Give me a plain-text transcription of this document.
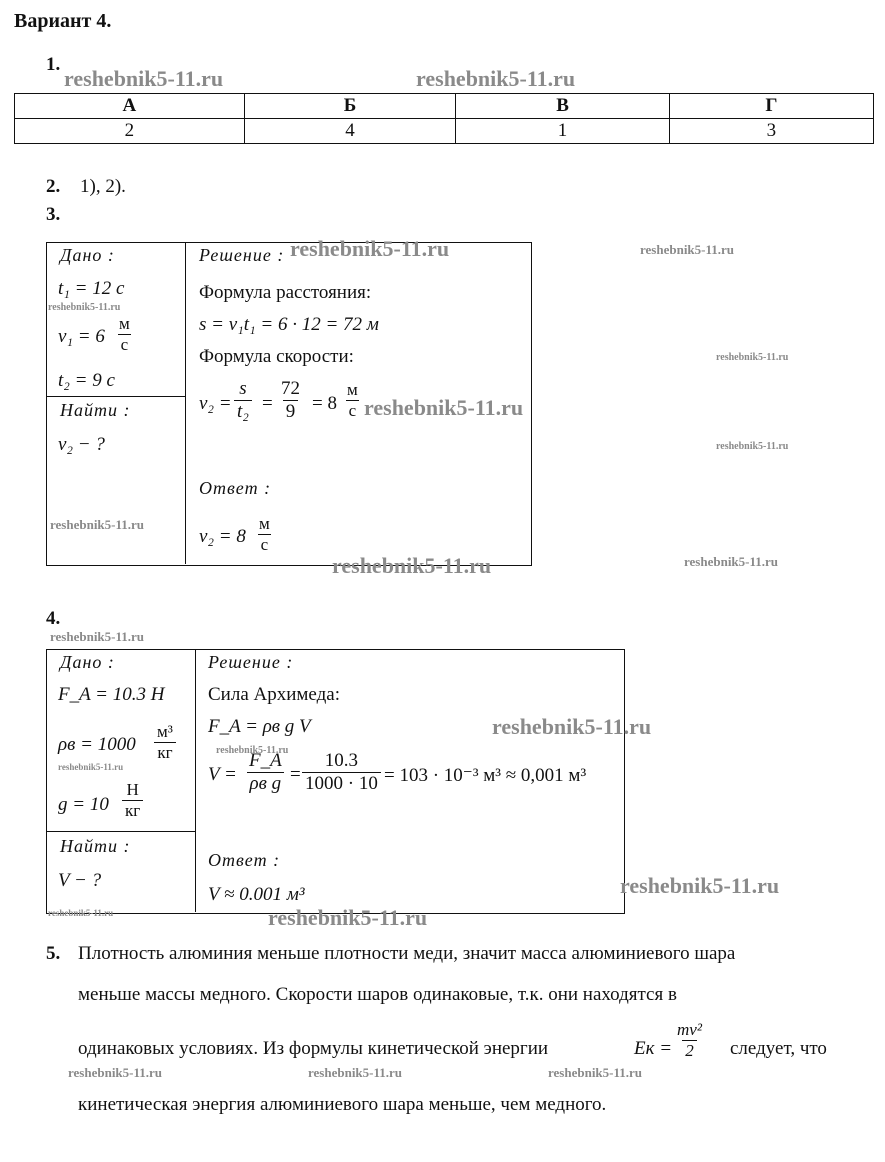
Вариант 4.
1.
А	Б	В	Г
2	4	1	3
2. 1), 2).
3.
Дано :
t₁ = 12 с
v₁ = 6
м
с
t₂ = 9 с
Найти :
v₂ − ?
Решение :
Формула расстояния:
s = v₁t₁ = 6 · 12 = 72 м
Формула скорости:
$v_2 = \frac{s}{\text{t₂}} = \frac{72}{9} = 8$
м
с
Ответ :
v₂ = 8
м
с
4.
Дано :
F_A = 10.3 Н
ρв = 1000
м³
кг
g = 10
Н
кг
Найти :
V − ?
Решение :
Сила Архимеда:
F_A = ρв g V
V =
F_A
ρв $g = \frac{10.3}{1000 \cdot 10} = 103 \cdot 10^{-3}$ м³ ≈ 0,001 м³
Ответ :
V ≈ 0.001 м³
5. Плотность алюминия меньше плотности меди, значит масса алюминиевого шара
меньше массы медного. Скорости шаров одинаковые, т.к. они находятся в
одинаковых условиях. Из формулы кинетической энергии	Eк = $\frac{\text{mv²}}{2}$ следует, что
кинетическая энергия алюминиевого шара меньше, чем медного.
reshebnik5-11.ru	reshebnik5-11.ru
reshebnik5-11.ru	reshebnik5-11.ru
reshebnik5-11.ru
reshebnik5-11.ru
reshebnik5-11.ru
reshebnik5-11.ru
reshebnik5-11.ru
reshebnik5-11.ru	reshebnik5-11.ru
reshebnik5-11.ru
reshebnik5-11.ru
reshebnik5-11.ru
reshebnik5-11.ru
reshebnik5-11.ru
reshebnik5-11.ru	reshebnik5-11.ru
reshebnik5-11.ru	reshebnik5-11.ru	reshebnik5-11.ru
